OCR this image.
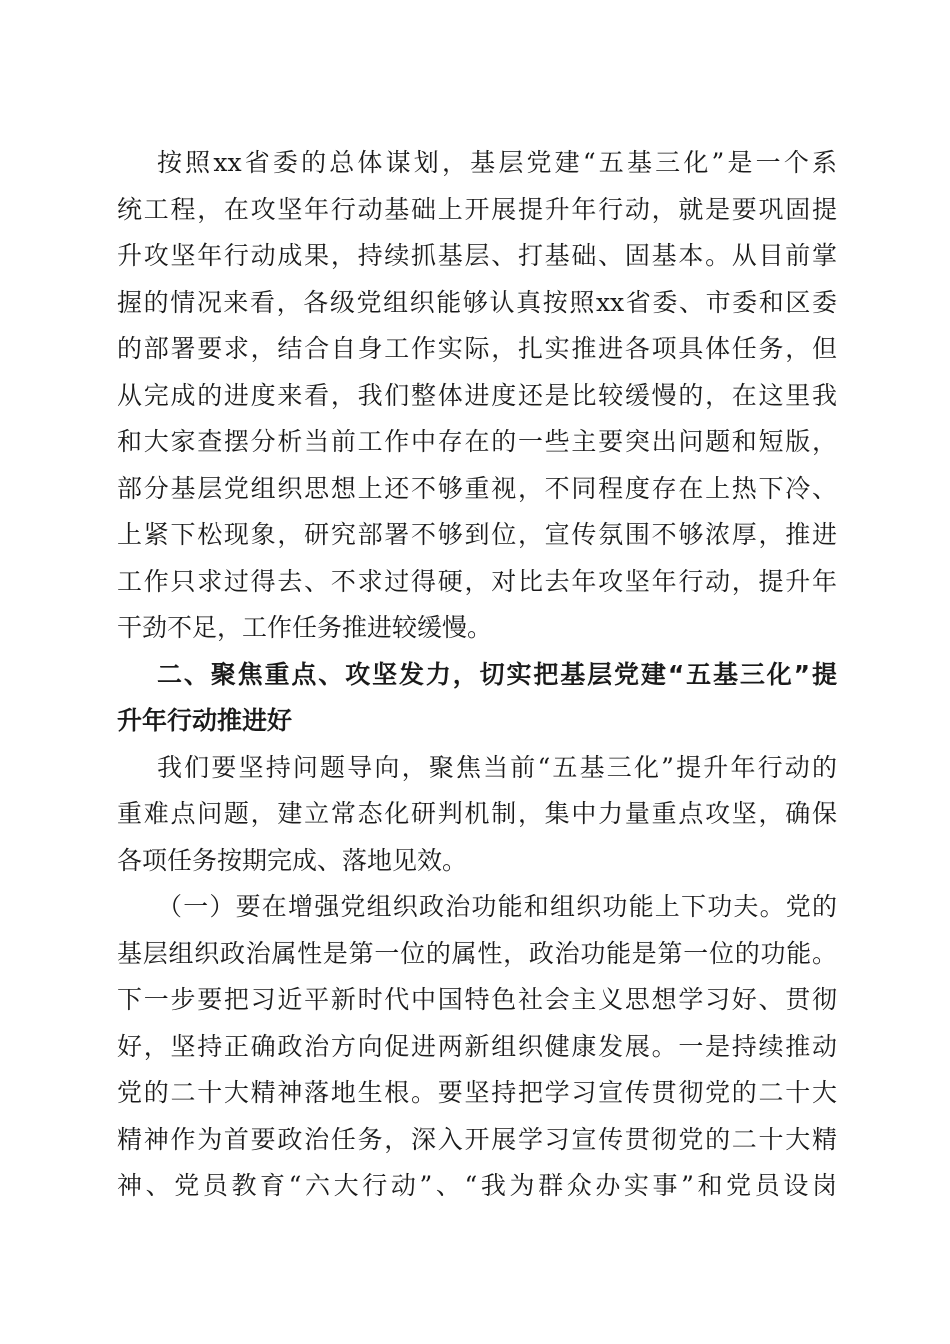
按照xx省委的总体谋划，基层党建“五基三化”是一个系
统工程，在攻坚年行动基础上开展提升年行动，就是要巩固提
升攻坚年行动成果，持续抓基层、打基础、固基本。从目前掌
握的情况来看，各级党组织能够认真按照xx省委、市委和区委
的部署要求，结合自身工作实际，扎实推进各项具体任务，但
从完成的进度来看，我们整体进度还是比较缓慢的，在这里我
和大家查摆分析当前工作中存在的一些主要突出问题和短版，
部分基层党组织思想上还不够重视，不同程度存在上热下冷、
上紧下松现象，研究部署不够到位，宣传氛围不够浓厚，推进
工作只求过得去、不求过得硬，对比去年攻坚年行动，提升年
干劲不足，工作任务推进较缓慢。
二、聚焦重点、攻坚发力，切实把基层党建“五基三化”提
升年行动推进好
我们要坚持问题导向，聚焦当前“五基三化”提升年行动的
重难点问题，建立常态化研判机制，集中力量重点攻坚，确保
各项任务按期完成、落地见效。
（一）要在增强党组织政治功能和组织功能上下功夫。党的
基层组织政治属性是第一位的属性，政治功能是第一位的功能。
下一步要把习近平新时代中国特色社会主义思想学习好、贯彻
好，坚持正确政治方向促进两新组织健康发展。一是持续推动
党的二十大精神落地生根。要坚持把学习宣传贯彻党的二十大
精神作为首要政治任务，深入开展学习宣传贯彻党的二十大精
神、党员教育“六大行动”、“我为群众办实事”和党员设岗
